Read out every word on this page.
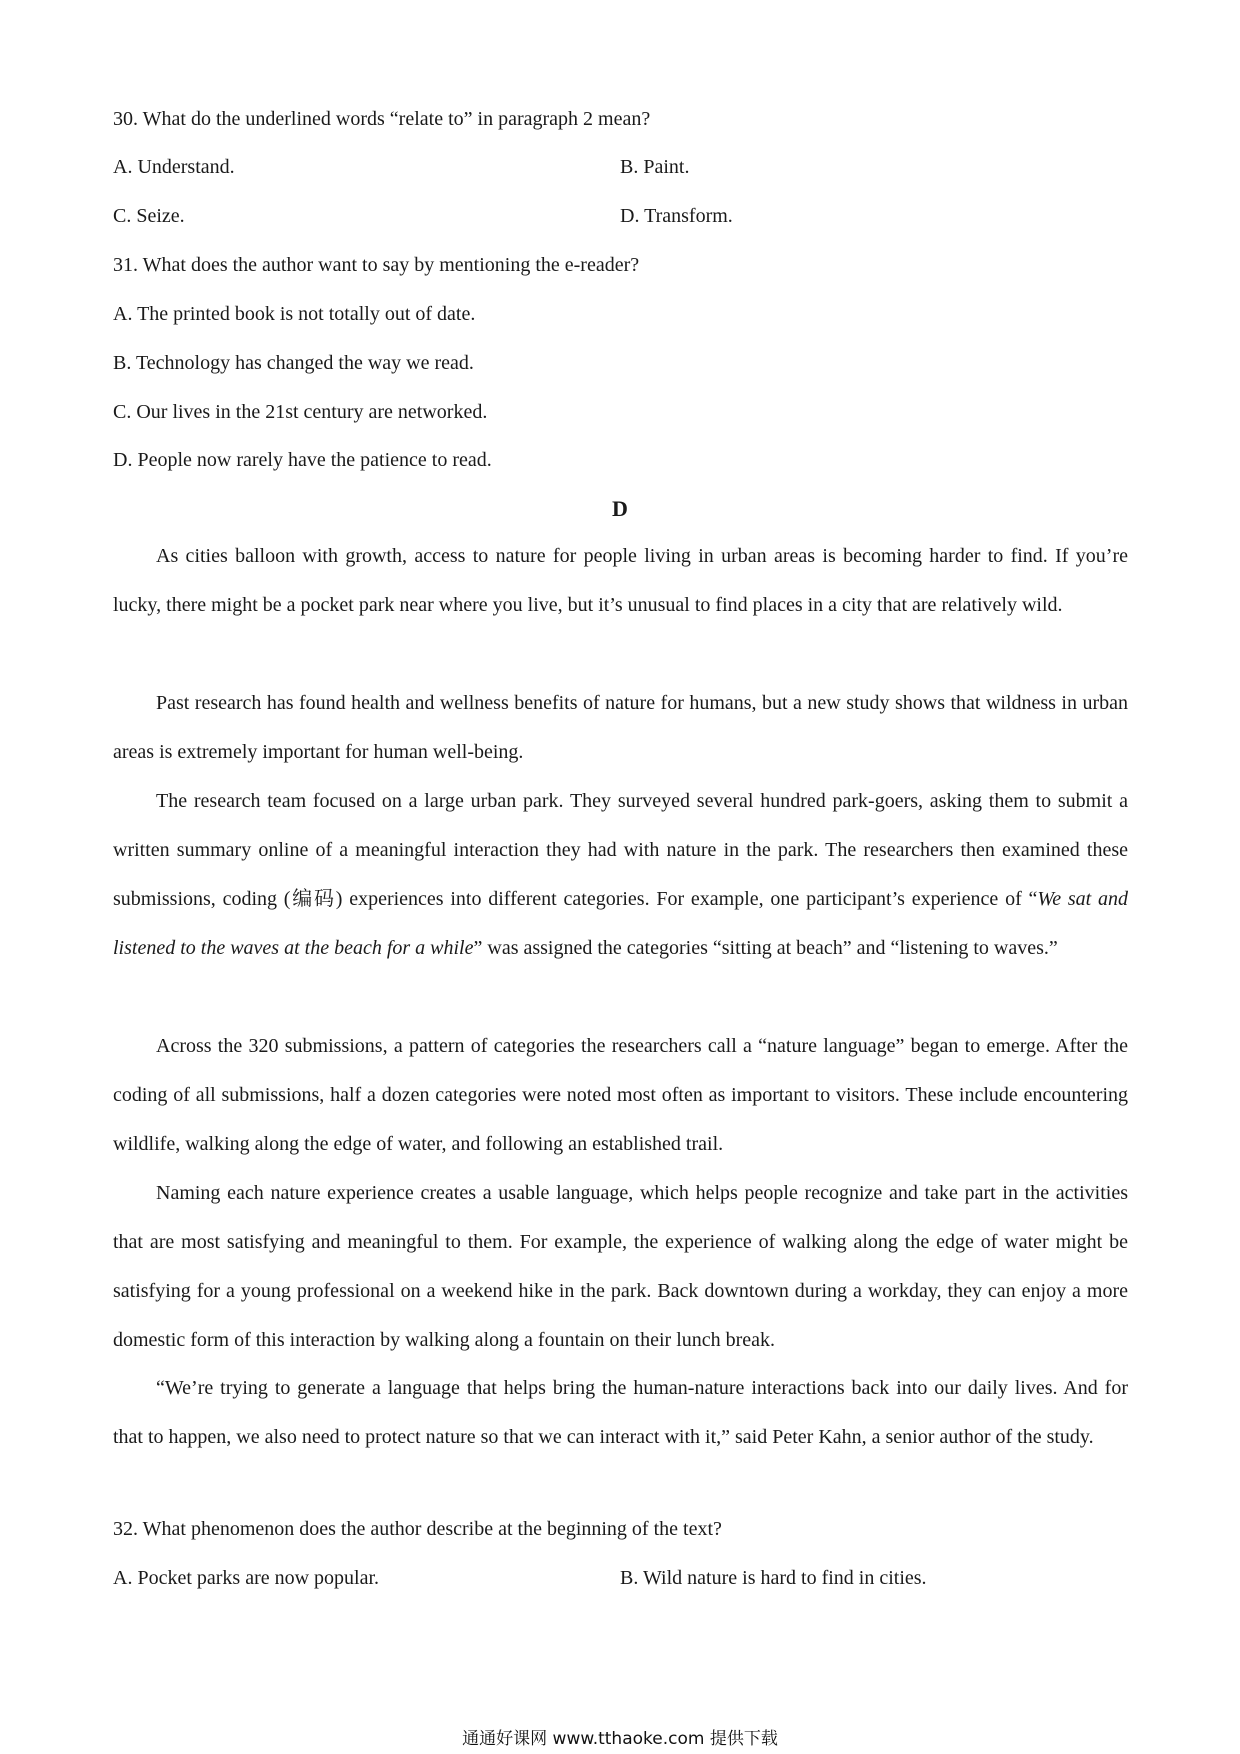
30. What do the underlined words “relate to” in paragraph 2 mean?
A. Understand.	B. Paint.
C. Seize.	D. Transform.
31. What does the author want to say by mentioning the e-reader?
A. The printed book is not totally out of date.
B. Technology has changed the way we read.
C. Our lives in the 21st century are networked.
D. People now rarely have the patience to read.
D
As cities balloon with growth, access to nature for people living in urban areas is becoming harder to find. If you’re lucky, there might be a pocket park near where you live, but it’s unusual to find places in a city that are relatively wild.
Past research has found health and wellness benefits of nature for humans, but a new study shows that wildness in urban areas is extremely important for human well-being.
The research team focused on a large urban park. They surveyed several hundred park-goers, asking them to submit a written summary online of a meaningful interaction they had with nature in the park. The researchers then examined these submissions, coding (编码) experiences into different categories. For example, one participant’s experience of “We sat and listened to the waves at the beach for a while” was assigned the categories “sitting at beach” and “listening to waves.”
Across the 320 submissions, a pattern of categories the researchers call a “nature language” began to emerge. After the coding of all submissions, half a dozen categories were noted most often as important to visitors. These include encountering wildlife, walking along the edge of water, and following an established trail.
Naming each nature experience creates a usable language, which helps people recognize and take part in the activities that are most satisfying and meaningful to them. For example, the experience of walking along the edge of water might be satisfying for a young professional on a weekend hike in the park. Back downtown during a workday, they can enjoy a more domestic form of this interaction by walking along a fountain on their lunch break.
“We’re trying to generate a language that helps bring the human-nature interactions back into our daily lives. And for that to happen, we also need to protect nature so that we can interact with it,” said Peter Kahn, a senior author of the study.
32. What phenomenon does the author describe at the beginning of the text?
A. Pocket parks are now popular.	B. Wild nature is hard to find in cities.
通通好课网 www.tthaoke.com 提供下载
